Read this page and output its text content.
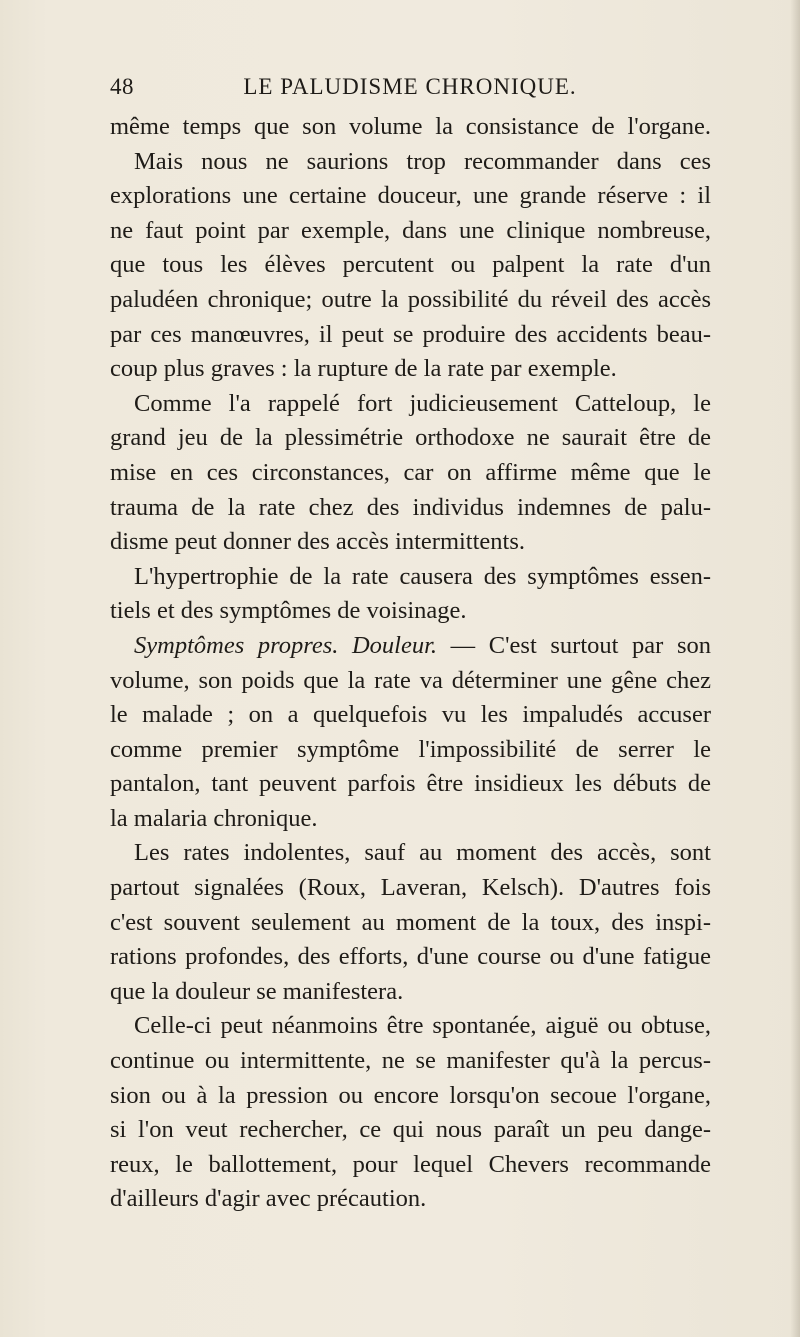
48	LE PALUDISME CHRONIQUE.
même temps que son volume la consistance de l'organe.
Mais nous ne saurions trop recommander dans ces
explorations une certaine douceur, une grande réserve : il
ne faut point par exemple, dans une clinique nombreuse,
que tous les élèves percutent ou palpent la rate d'un
paludéen chronique; outre la possibilité du réveil des accès
par ces manœuvres, il peut se produire des accidents beau-
coup plus graves : la rupture de la rate par exemple.
Comme l'a rappelé fort judicieusement Catteloup, le
grand jeu de la plessimétrie orthodoxe ne saurait être de
mise en ces circonstances, car on affirme même que le
trauma de la rate chez des individus indemnes de palu-
disme peut donner des accès intermittents.
L'hypertrophie de la rate causera des symptômes essen-
tiels et des symptômes de voisinage.
Symptômes propres. Douleur. — C'est surtout par son
volume, son poids que la rate va déterminer une gêne chez
le malade ; on a quelquefois vu les impaludés accuser
comme premier symptôme l'impossibilité de serrer le
pantalon, tant peuvent parfois être insidieux les débuts de
la malaria chronique.
Les rates indolentes, sauf au moment des accès, sont
partout signalées (Roux, Laveran, Kelsch). D'autres fois
c'est souvent seulement au moment de la toux, des inspi-
rations profondes, des efforts, d'une course ou d'une fatigue
que la douleur se manifestera.
Celle-ci peut néanmoins être spontanée, aiguë ou obtuse,
continue ou intermittente, ne se manifester qu'à la percus-
sion ou à la pression ou encore lorsqu'on secoue l'organe,
si l'on veut rechercher, ce qui nous paraît un peu dange-
reux, le ballottement, pour lequel Chevers recommande
d'ailleurs d'agir avec précaution.
